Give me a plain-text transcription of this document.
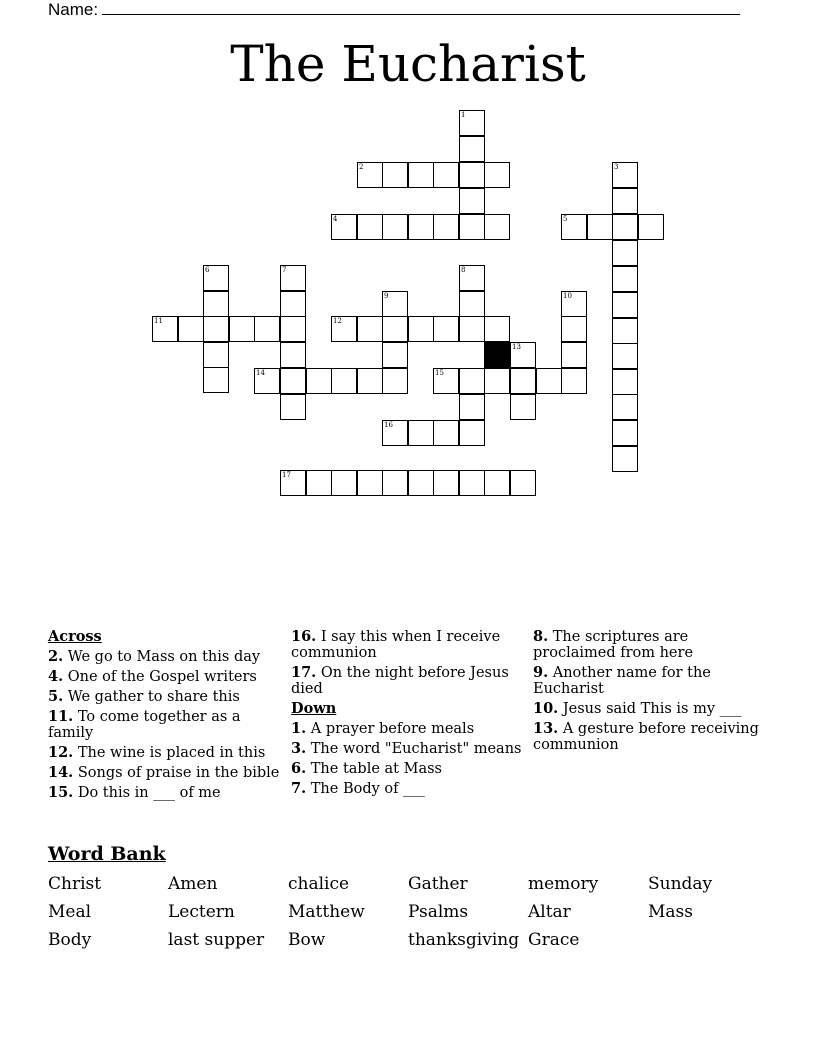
Name:
The Eucharist
1
2	3
4	5
6	7	8
9	10
11	12
13
14	15
16
17
Across
2. We go to Mass on this day
4. One of the Gospel writers
5. We gather to share this
11. To come together as a family
12. The wine is placed in this
14. Songs of praise in the bible
15. Do this in ___ of me
16. I say this when I receive communion
17. On the night before Jesus died
Down
1. A prayer before meals
3. The word "Eucharist" means
6. The table at Mass
7. The Body of ___
8. The scriptures are proclaimed from here
9. Another name for the Eucharist
10. Jesus said This is my ___
13. A gesture before receiving communion
Word Bank
Christ	Amen	chalice	Gather	memory	Sunday
Meal	Lectern	Matthew	Psalms	Altar	Mass
Body	last supper	Bow	thanksgiving Grace
